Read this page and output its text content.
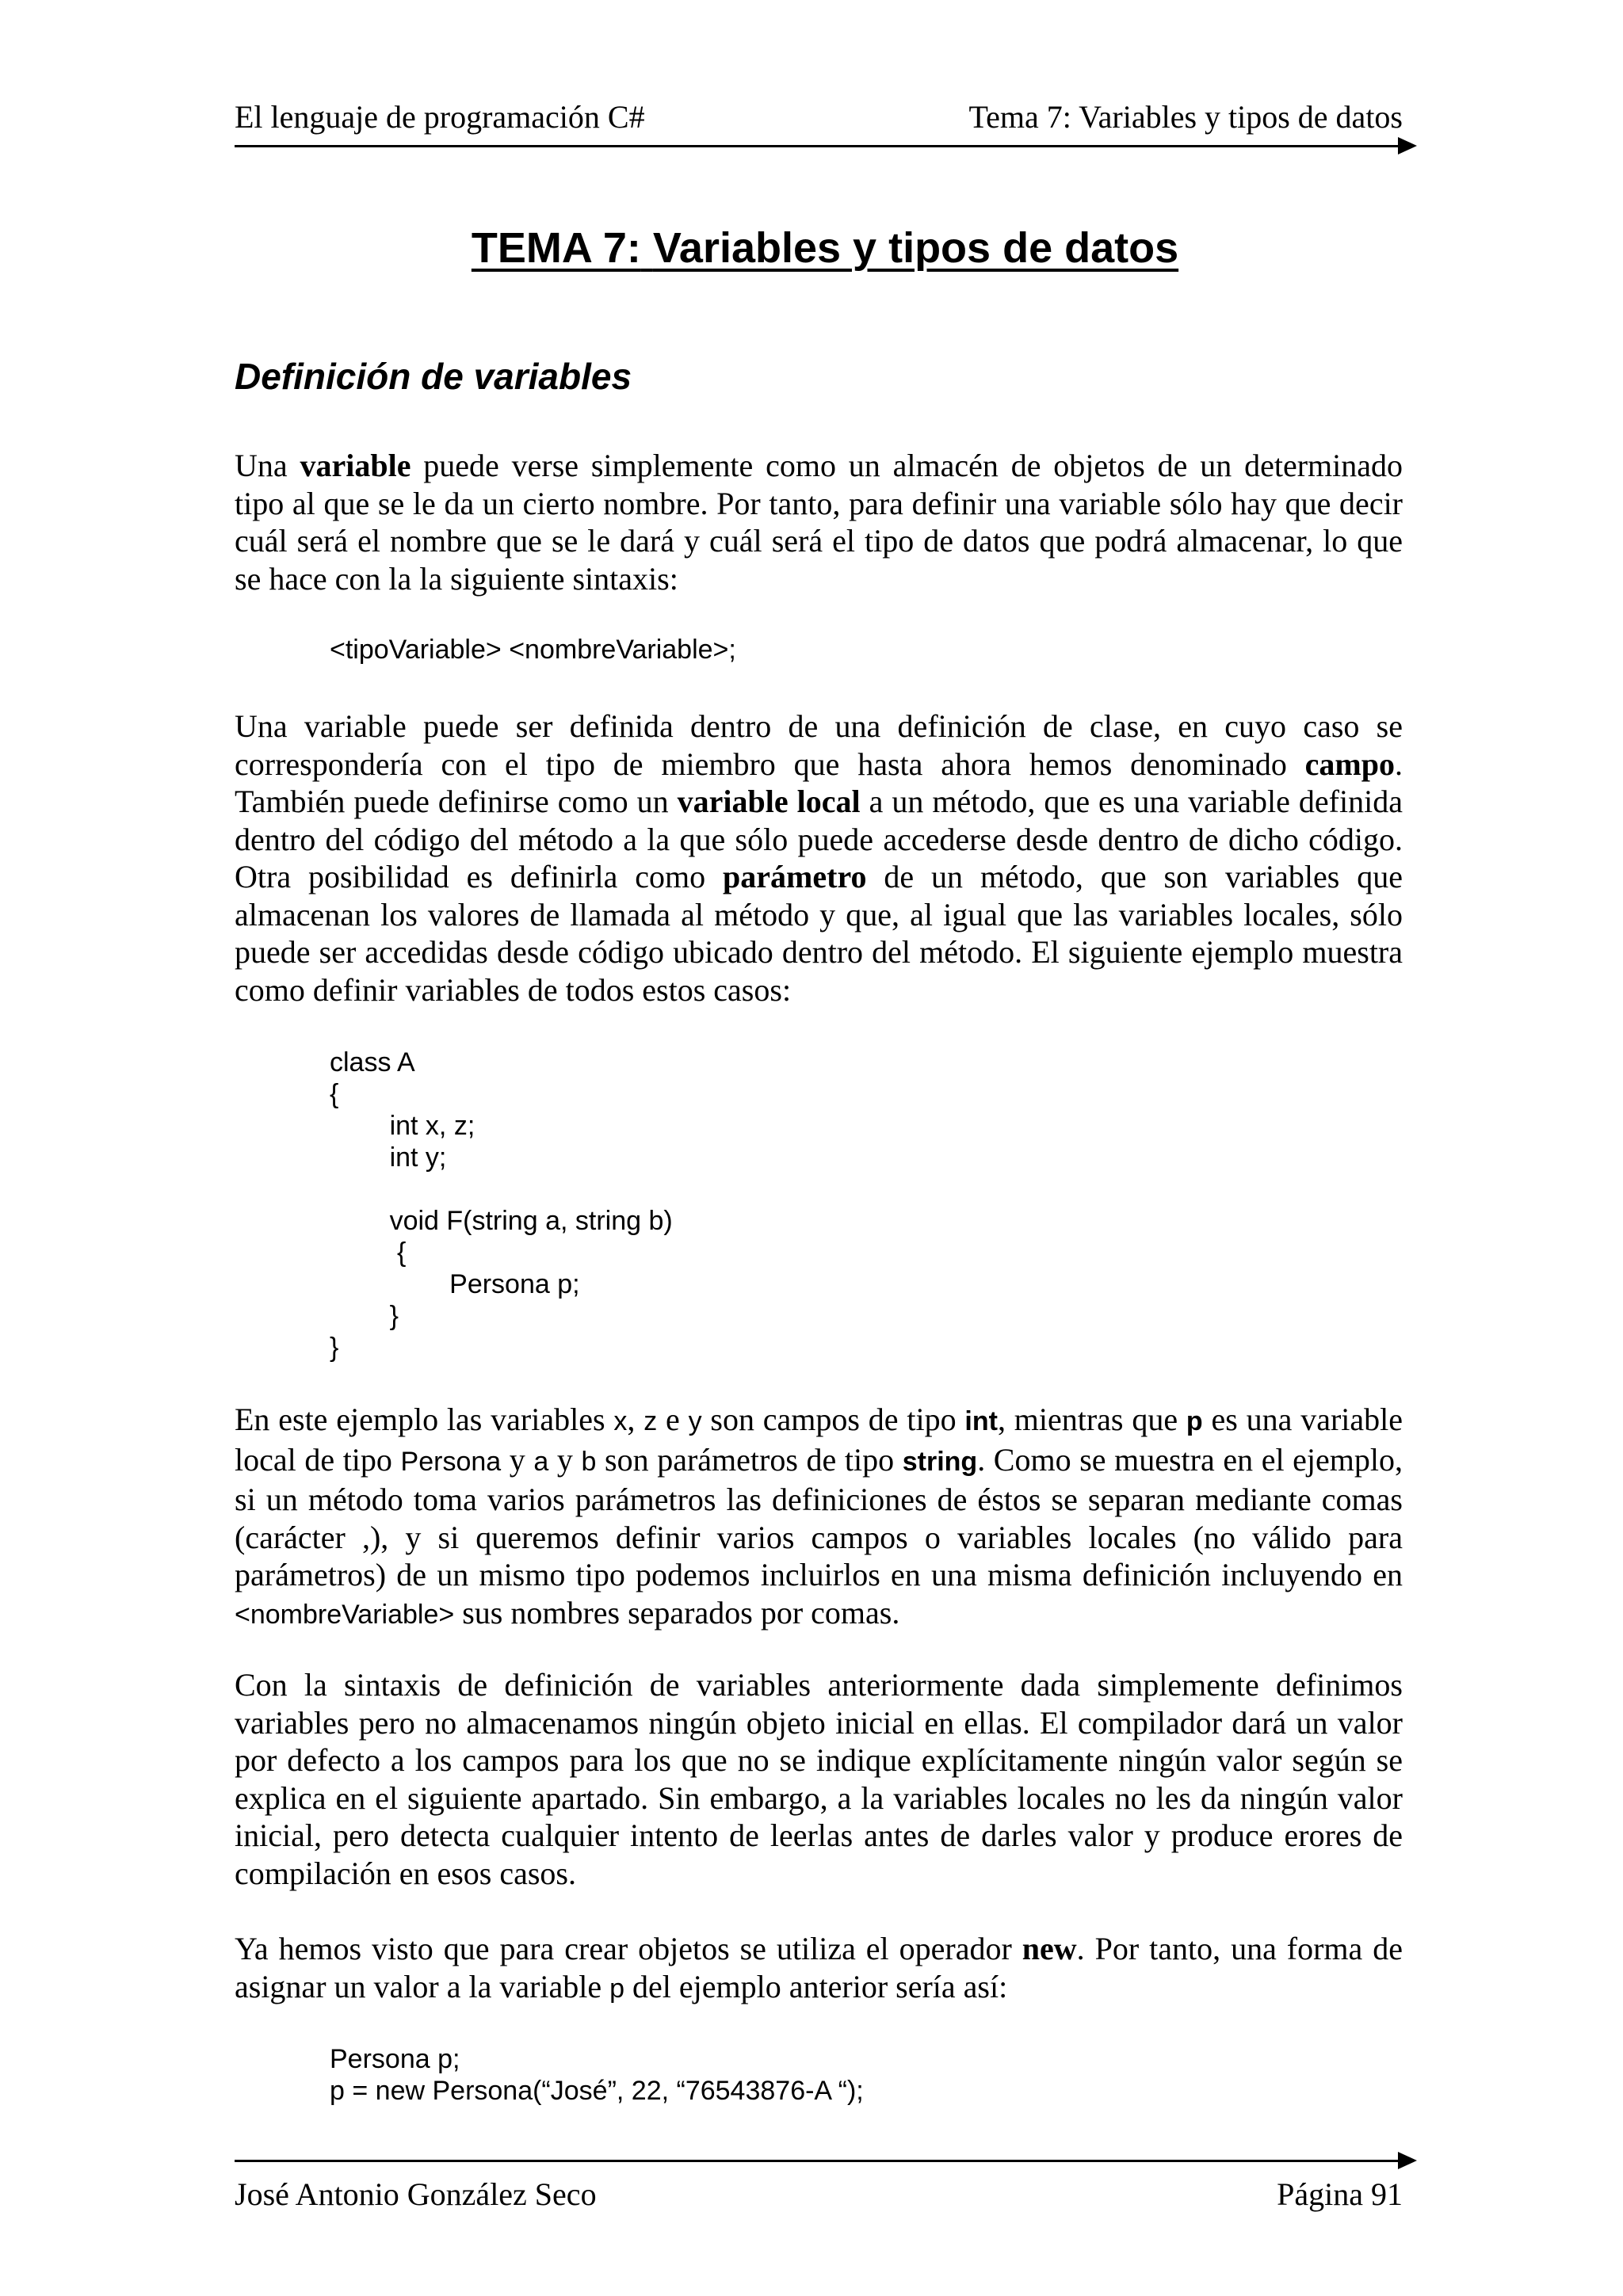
El lenguaje de programación C#	Tema 7: Variables y tipos de datos
TEMA 7: Variables y tipos de datos
Definición de variables

Una variable puede verse simplemente como un almacén de objetos de un determinado tipo al que se le da un cierto nombre. Por tanto, para definir una variable sólo hay que decir cuál será el nombre que se le dará y cuál será el tipo de datos que podrá almacenar, lo que se hace con la la siguiente sintaxis:

<tipoVariable> <nombreVariable>;

Una variable puede ser definida dentro de una definición de clase, en cuyo caso se correspondería con el tipo de miembro que hasta ahora hemos denominado campo. También puede definirse como un variable local a un método, que es una variable definida dentro del código del método a la que sólo puede accederse desde dentro de dicho código. Otra posibilidad es definirla como parámetro de un método, que son variables que almacenan los valores de llamada al método y que, al igual que las variables locales, sólo puede ser accedidas desde código ubicado dentro del método. El siguiente ejemplo muestra como definir variables de todos estos casos:

class A
{
int x, z;
int y;

void F(string a, string b)
{
Persona p;
}
}

En este ejemplo las variables x, z e y son campos de tipo int, mientras que p es una variable local de tipo Persona y a y b son parámetros de tipo string. Como se muestra en el ejemplo, si un método toma varios parámetros las definiciones de éstos se separan mediante comas (carácter ,), y si queremos definir varios campos o variables locales (no válido para parámetros) de un mismo tipo podemos incluirlos en una misma definición incluyendo en <nombreVariable> sus nombres separados por comas.

Con la sintaxis de definición de variables anteriormente dada simplemente definimos variables pero no almacenamos ningún objeto inicial en ellas. El compilador dará un valor por defecto a los campos para los que no se indique explícitamente ningún valor según se explica en el siguiente apartado. Sin embargo, a la variables locales no les da ningún valor inicial, pero detecta cualquier intento de leerlas antes de darles valor y produce erores de compilación en esos casos.

Ya hemos visto que para crear objetos se utiliza el operador new. Por tanto, una forma de asignar un valor a la variable p del ejemplo anterior sería así:

Persona p;
p = new Persona(“José”, 22, “76543876-A “);
José Antonio González Seco	Página 91
